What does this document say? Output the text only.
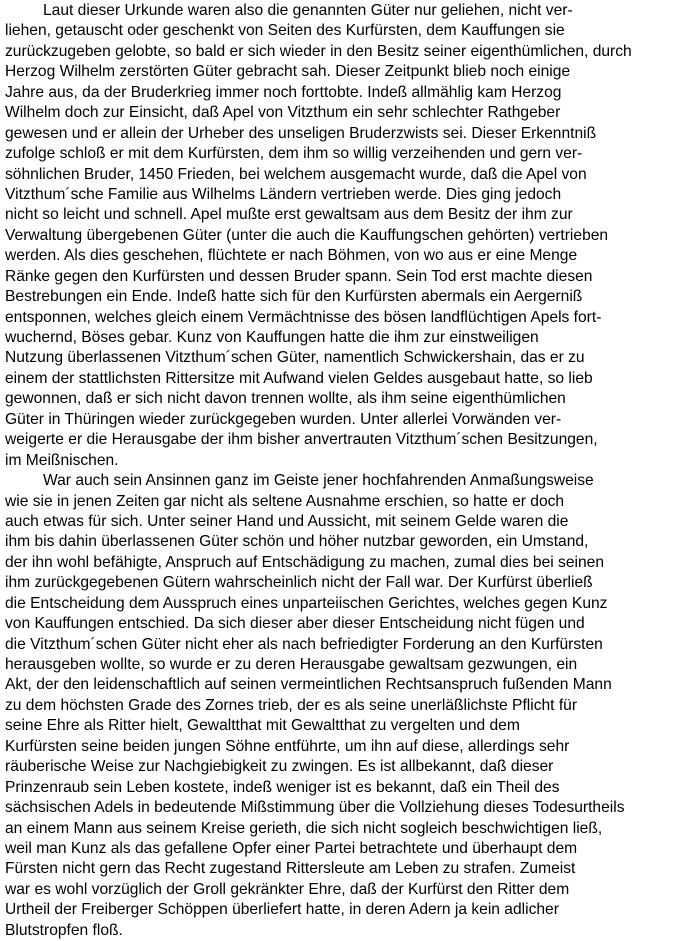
Laut dieser Urkunde waren also die genannten Güter nur geliehen, nicht ver-
liehen, getauscht oder geschenkt von Seiten des Kurfürsten, dem Kauffungen sie
zurückzugeben gelobte, so bald er sich wieder in den Besitz seiner eigenthümlichen, durch
Herzog Wilhelm zerstörten Güter gebracht sah. Dieser Zeitpunkt blieb noch einige
Jahre aus, da der Bruderkrieg immer noch forttobte. Indeß allmählig kam Herzog
Wilhelm doch zur Einsicht, daß Apel von Vitzthum ein sehr schlechter Rathgeber
gewesen und er allein der Urheber des unseligen Bruderzwists sei. Dieser Erkenntniß
zufolge schloß er mit dem Kurfürsten, dem ihm so willig verzeihenden und gern ver-
söhnlichen Bruder, 1450 Frieden, bei welchem ausgemacht wurde, daß die Apel von
Vitzthum´sche Familie aus Wilhelms Ländern vertrieben werde. Dies ging jedoch
nicht so leicht und schnell. Apel mußte erst gewaltsam aus dem Besitz der ihm zur
Verwaltung übergebenen Güter (unter die auch die Kauffungschen gehörten) vertrieben
werden. Als dies geschehen, flüchtete er nach Böhmen, von wo aus er eine Menge
Ränke gegen den Kurfürsten und dessen Bruder spann. Sein Tod erst machte diesen
Bestrebungen ein Ende. Indeß hatte sich für den Kurfürsten abermals ein Aergerniß
entsponnen, welches gleich einem Vermächtnisse des bösen landflüchtigen Apels fort-
wuchernd, Böses gebar. Kunz von Kauffungen hatte die ihm zur einstweiligen
Nutzung überlassenen Vitzthum´schen Güter, namentlich Schwickershain, das er zu
einem der stattlichsten Rittersitze mit Aufwand vielen Geldes ausgebaut hatte, so lieb
gewonnen, daß er sich nicht davon trennen wollte, als ihm seine eigenthümlichen
Güter in Thüringen wieder zurückgegeben wurden. Unter allerlei Vorwänden ver-
weigerte er die Herausgabe der ihm bisher anvertrauten Vitzthum´schen Besitzungen,
im Meißnischen.
War auch sein Ansinnen ganz im Geiste jener hochfahrenden Anmaßungsweise
wie sie in jenen Zeiten gar nicht als seltene Ausnahme erschien, so hatte er doch
auch etwas für sich. Unter seiner Hand und Aussicht, mit seinem Gelde waren die
ihm bis dahin überlassenen Güter schön und höher nutzbar geworden, ein Umstand,
der ihn wohl befähigte, Anspruch auf Entschädigung zu machen, zumal dies bei seinen
ihm zurückgegebenen Gütern wahrscheinlich nicht der Fall war. Der Kurfürst überließ
die Entscheidung dem Ausspruch eines unparteiischen Gerichtes, welches gegen Kunz
von Kauffungen entschied. Da sich dieser aber dieser Entscheidung nicht fügen und
die Vitzthum´schen Güter nicht eher als nach befriedigter Forderung an den Kurfürsten
herausgeben wollte, so wurde er zu deren Herausgabe gewaltsam gezwungen, ein
Akt, der den leidenschaftlich auf seinen vermeintlichen Rechtsanspruch fußenden Mann
zu dem höchsten Grade des Zornes trieb, der es als seine unerläßlichste Pflicht für
seine Ehre als Ritter hielt, Gewaltthat mit Gewaltthat zu vergelten und dem
Kurfürsten seine beiden jungen Söhne entführte, um ihn auf diese, allerdings sehr
räuberische Weise zur Nachgiebigkeit zu zwingen. Es ist allbekannt, daß dieser
Prinzenraub sein Leben kostete, indeß weniger ist es bekannt, daß ein Theil des
sächsischen Adels in bedeutende Mißstimmung über die Vollziehung dieses Todesurtheils
an einem Mann aus seinem Kreise gerieth, die sich nicht sogleich beschwichtigen ließ,
weil man Kunz als das gefallene Opfer einer Partei betrachtete und überhaupt dem
Fürsten nicht gern das Recht zugestand Rittersleute am Leben zu strafen. Zumeist
war es wohl vorzüglich der Groll gekränkter Ehre, daß der Kurfürst den Ritter dem
Urtheil der Freiberger Schöppen überliefert hatte, in deren Adern ja kein adlicher
Blutstropfen floß.
